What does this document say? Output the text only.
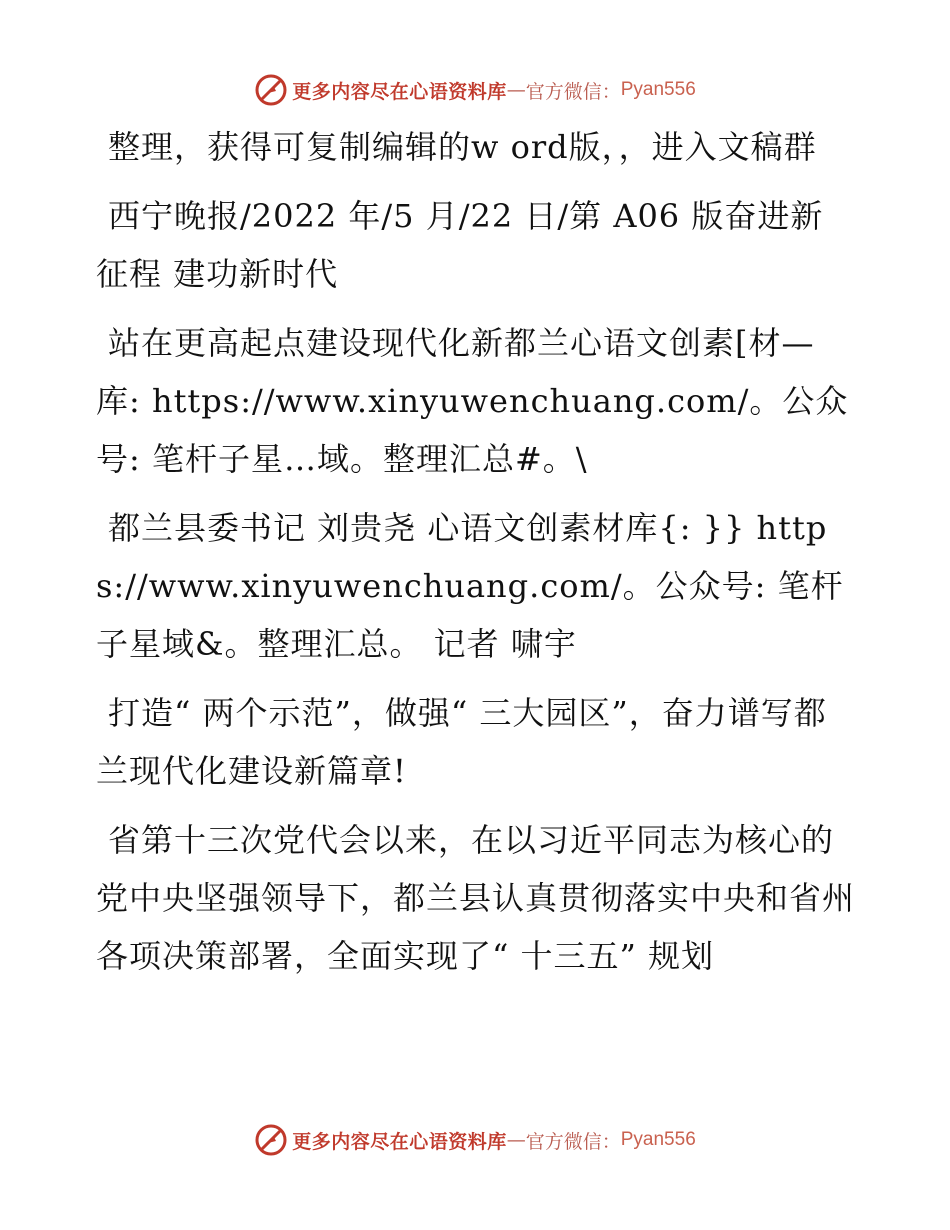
更多内容尽在心语资料库 — 官方微信： Pyan556

整理，获得可复制编辑的w ord版，，进入文稿群

西宁晚报/2022 年/5 月/22 日/第 A06 版奋进新征程 建功新时代

站在更高起点建设现代化新都兰心语文创素[材—库: https://www.xinyuwenchuang.com/。公众号: 笔杆子星…域。整理汇总#。\

都兰县委书记 刘贵尧 心语文创素材库{: }} https://www.xinyuwenchuang.com/。公众号: 笔杆子星域&。整理汇总。 记者 啸宇

打造“ 两个示范”，做强“ 三大园区”，奋力谱写都兰现代化建设新篇章!

省第十三次党代会以来，在以习近平同志为核心的党中央坚强领导下，都兰县认真贯彻落实中央和省州各项决策部署，全面实现了“ 十三五” 规划

更多内容尽在心语资料库 — 官方微信： Pyan556
